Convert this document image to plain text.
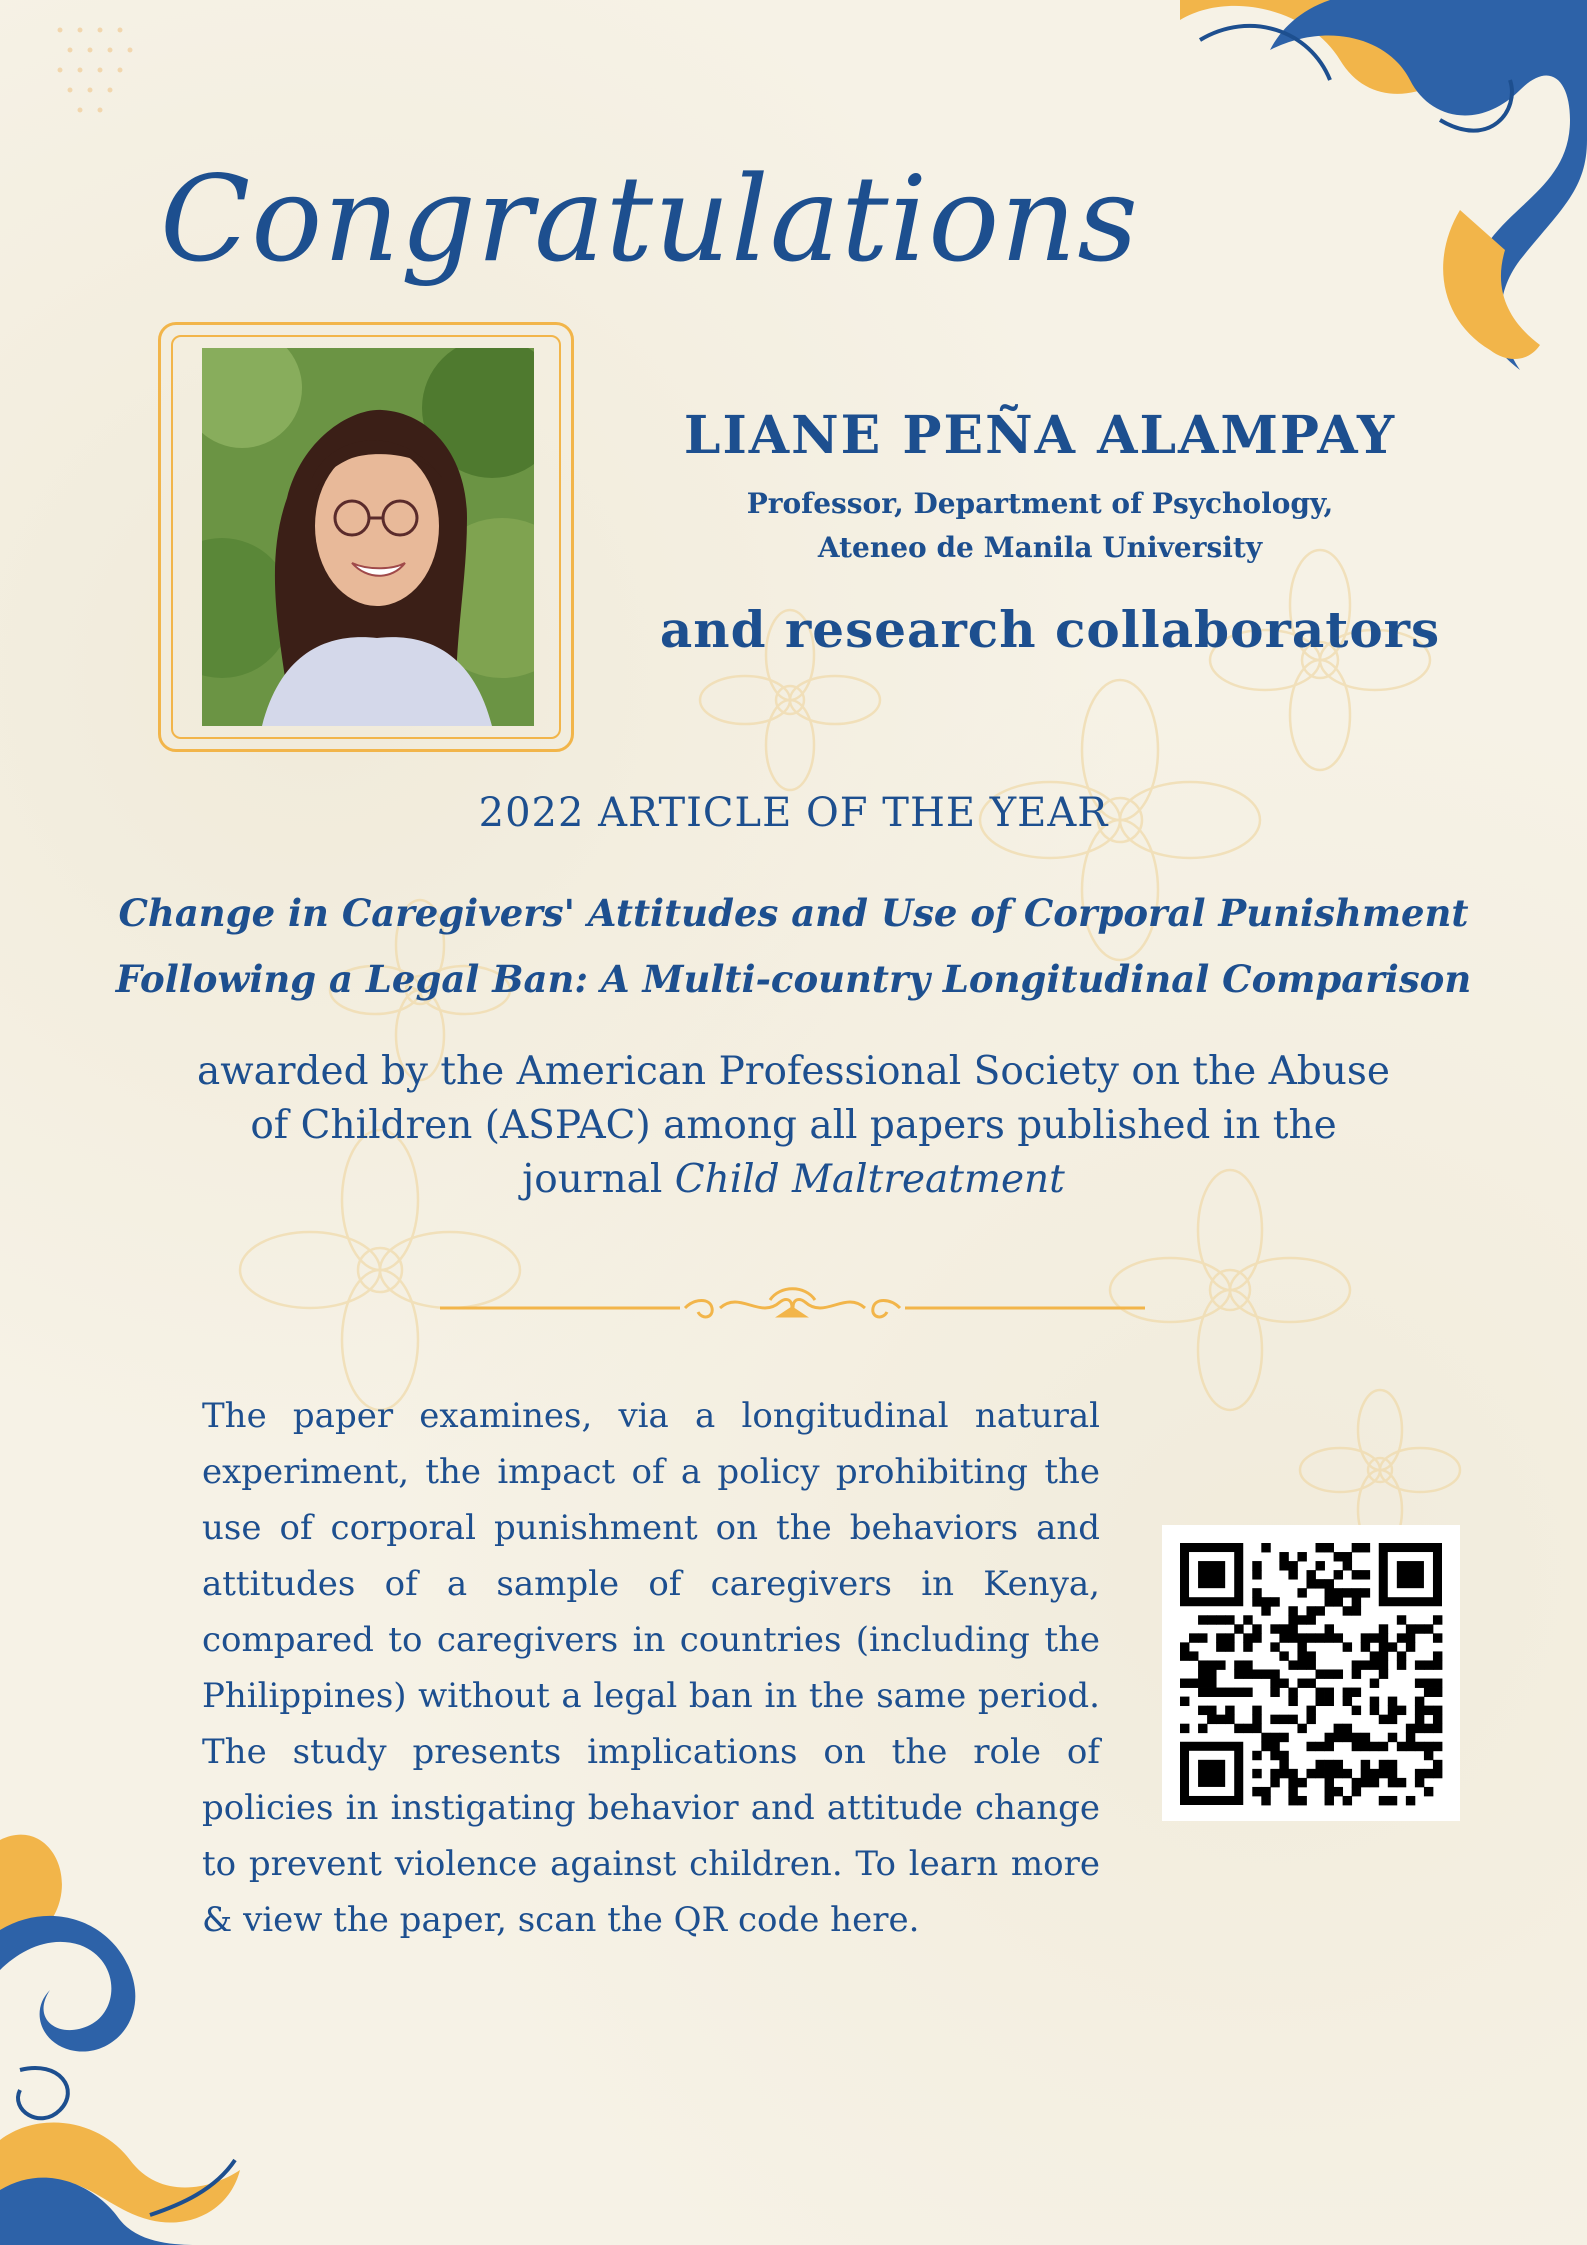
Congratulations
LIANE PEÑA ALAMPAY
Professor, Department of Psychology,
Ateneo de Manila University
and research collaborators
2022 ARTICLE OF THE YEAR
Change in Caregivers' Attitudes and Use of Corporal Punishment
Following a Legal Ban: A Multi-country Longitudinal Comparison
awarded by the American Professional Society on the Abuse
of Children (ASPAC) among all papers published in the
journal Child Maltreatment
The paper examines, via a longitudinal natural experiment, the impact of a policy prohibiting the use of corporal punishment on the behaviors and attitudes of a sample of caregivers in Kenya, compared to caregivers in countries (including the Philippines) without a legal ban in the same period. The study presents implications on the role of policies in instigating behavior and attitude change to prevent violence against children. To learn more & view the paper, scan the QR code here.
